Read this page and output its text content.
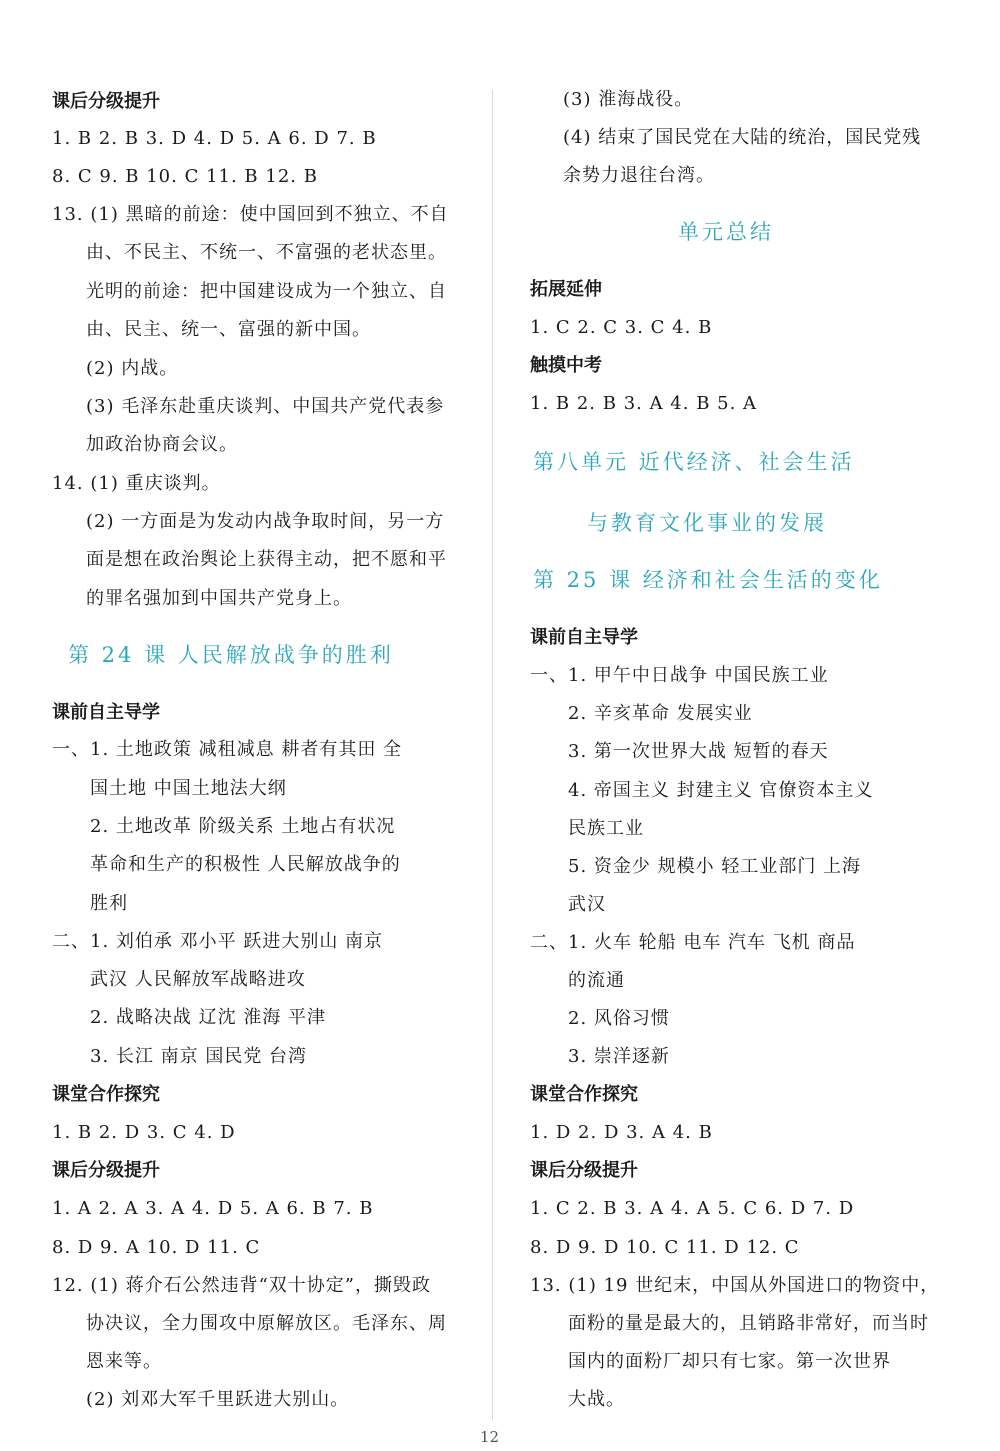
课后分级提升
1. B 2. B 3. D 4. D 5. A 6. D 7. B
8. C 9. B 10. C 11. B 12. B
13. (1) 黑暗的前途：使中国回到不独立、不自
由、不民主、不统一、不富强的老状态里。
光明的前途：把中国建设成为一个独立、自
由、民主、统一、富强的新中国。
(2) 内战。
(3) 毛泽东赴重庆谈判、中国共产党代表参
加政治协商会议。
14. (1) 重庆谈判。
(2) 一方面是为发动内战争取时间，另一方
面是想在政治舆论上获得主动，把不愿和平
的罪名强加到中国共产党身上。
第 24 课 人民解放战争的胜利
课前自主导学
一、1. 土地政策 减租减息 耕者有其田 全
国土地 中国土地法大纲
2. 土地改革 阶级关系 土地占有状况
革命和生产的积极性 人民解放战争的
胜利
二、1. 刘伯承 邓小平 跃进大别山 南京
武汉 人民解放军战略进攻
2. 战略决战 辽沈 淮海 平津
3. 长江 南京 国民党 台湾
课堂合作探究
1. B 2. D 3. C 4. D
课后分级提升
1. A 2. A 3. A 4. D 5. A 6. B 7. B
8. D 9. A 10. D 11. C
12. (1) 蒋介石公然违背“双十协定”，撕毁政
协决议，全力围攻中原解放区。毛泽东、周
恩来等。
(2) 刘邓大军千里跃进大别山。
(3) 淮海战役。
(4) 结束了国民党在大陆的统治，国民党残
余势力退往台湾。
单元总结
拓展延伸
1. C 2. C 3. C 4. B
触摸中考
1. B 2. B 3. A 4. B 5. A
第八单元 近代经济、社会生活
与教育文化事业的发展
第 25 课 经济和社会生活的变化
课前自主导学
一、1. 甲午中日战争 中国民族工业
2. 辛亥革命 发展实业
3. 第一次世界大战 短暂的春天
4. 帝国主义 封建主义 官僚资本主义
民族工业
5. 资金少 规模小 轻工业部门 上海
武汉
二、1. 火车 轮船 电车 汽车 飞机 商品
的流通
2. 风俗习惯
3. 崇洋逐新
课堂合作探究
1. D 2. D 3. A 4. B
课后分级提升
1. C 2. B 3. A 4. A 5. C 6. D 7. D
8. D 9. D 10. C 11. D 12. C
13. (1) 19 世纪末，中国从外国进口的物资中，
面粉的量是最大的，且销路非常好，而当时
国内的面粉厂却只有七家。第一次世界
大战。
12
